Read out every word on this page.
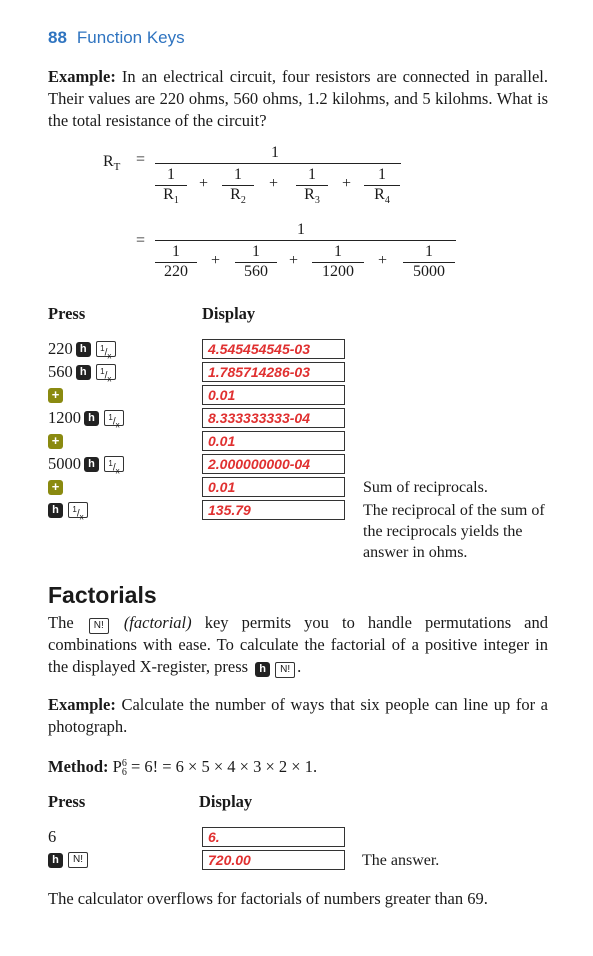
88 Function Keys
Example: In an electrical circuit, four resistors are connected in parallel. Their values are 220 ohms, 560 ohms, 1.2 kilohms, and 5 kilohms. What is the total resistance of the circuit?
$R_T$ =	1
$\frac{1}{R_1} + \frac{1}{R_2} + \frac{1}{R_3} + \frac{1}{R_4}$
=
1
$\frac{1}{220} + \frac{1}{560} + \frac{1}{1200} + \frac{1}{5000}$
Press	Display
220 h	$^1/_x$	4.545454545-03
560 h	$^1/_x$	1.785714286-03
+	0.01
1200 h	$^1/_x$	8.333333333-04
+	0.01
5000 h	$^1/_x$	2.000000000-04
+	0.01	Sum of reciprocals.
h	$^1/_x$	135.79	The reciprocal of the sum of the reciprocals yields the answer in ohms.
Factorials
The N! (factorial) key permits you to handle permutations and combinations with ease. To calculate the factorial of a positive integer in the displayed X-register, press h N! .
Example: Calculate the number of ways that six people can line up for a photograph.
Method: P 6
6 = 6! = 6 × 5 × 4 × 3 × 2 × 1.
Press	Display
6	6.
h	N!	720.00	The answer.
The calculator overflows for factorials of numbers greater than 69.
